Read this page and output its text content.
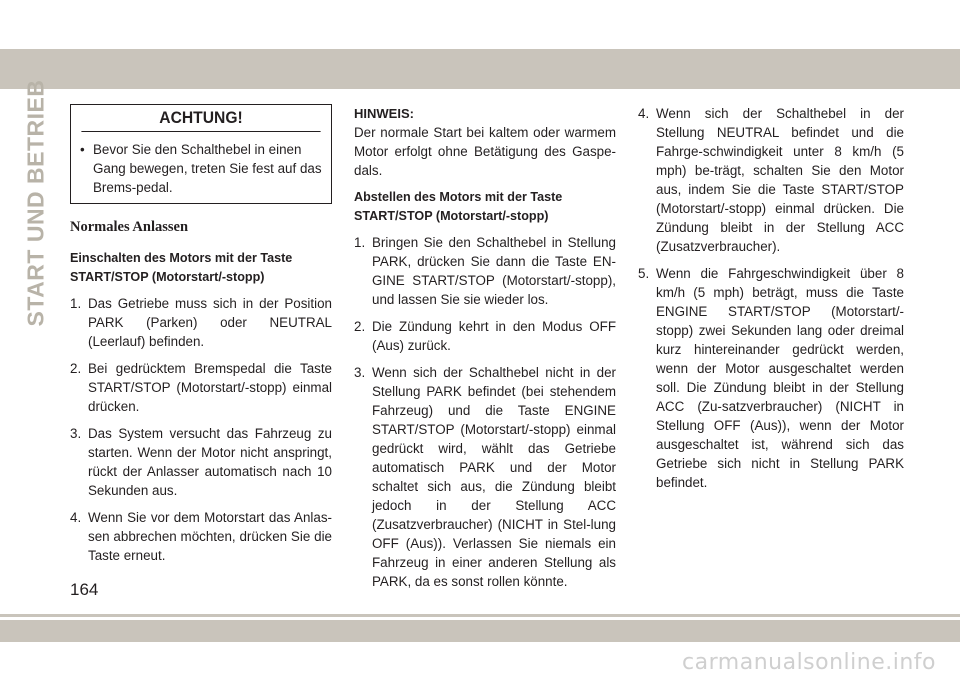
START UND BETRIEB	ACHTUNG!
• Bevor Sie den Schalthebel in einen Gang bewegen, treten Sie fest auf das Brems-pedal.
Normales Anlassen
Einschalten des Motors mit der Taste START/STOP (Motorstart/-stopp)
1. Das Getriebe muss sich in der Position PARK (Parken) oder NEUTRAL (Leerlauf) befinden.
2. Bei gedrücktem Bremspedal die Taste START/STOP (Motorstart/-stopp) einmal drücken.
3. Das System versucht das Fahrzeug zu starten. Wenn der Motor nicht anspringt, rückt der Anlasser automatisch nach 10 Sekunden aus.
4. Wenn Sie vor dem Motorstart das Anlas-sen abbrechen möchten, drücken Sie die Taste erneut.
HINWEIS:

Der normale Start bei kaltem oder warmem Motor erfolgt ohne Betätigung des Gaspe-dals.

Abstellen des Motors mit der Taste START/STOP (Motorstart/-stopp)
1. Bringen Sie den Schalthebel in Stellung PARK, drücken Sie dann die Taste EN-GINE START/STOP (Motorstart/-stopp), und lassen Sie sie wieder los.
2. Die Zündung kehrt in den Modus OFF (Aus) zurück.
3. Wenn sich der Schalthebel nicht in der Stellung PARK befindet (bei stehendem Fahrzeug) und die Taste ENGINE START/STOP (Motorstart/-stopp) einmal gedrückt wird, wählt das Getriebe automatisch PARK und der Motor schaltet sich aus, die Zündung bleibt jedoch in der Stellung ACC (Zusatzverbraucher) (NICHT in Stel-lung OFF (Aus)). Verlassen Sie niemals ein Fahrzeug in einer anderen Stellung als PARK, da es sonst rollen könnte.
4. Wenn sich der Schalthebel in der Stellung NEUTRAL befindet und die Fahrge-schwindigkeit unter 8 km/h (5 mph) be-trägt, schalten Sie den Motor aus, indem Sie die Taste START/STOP (Motorstart/-stopp) einmal drücken. Die Zündung bleibt in der Stellung ACC (Zusatzverbraucher).
5. Wenn die Fahrgeschwindigkeit über 8 km/h (5 mph) beträgt, muss die Taste ENGINE START/STOP (Motorstart/-stopp) zwei Sekunden lang oder dreimal kurz hintereinander gedrückt werden, wenn der Motor ausgeschaltet werden soll. Die Zündung bleibt in der Stellung ACC (Zu-satzverbraucher) (NICHT in Stellung OFF (Aus)), wenn der Motor ausgeschaltet ist, während sich das Getriebe sich nicht in Stellung PARK befindet.
164
carmanualsonline.info
